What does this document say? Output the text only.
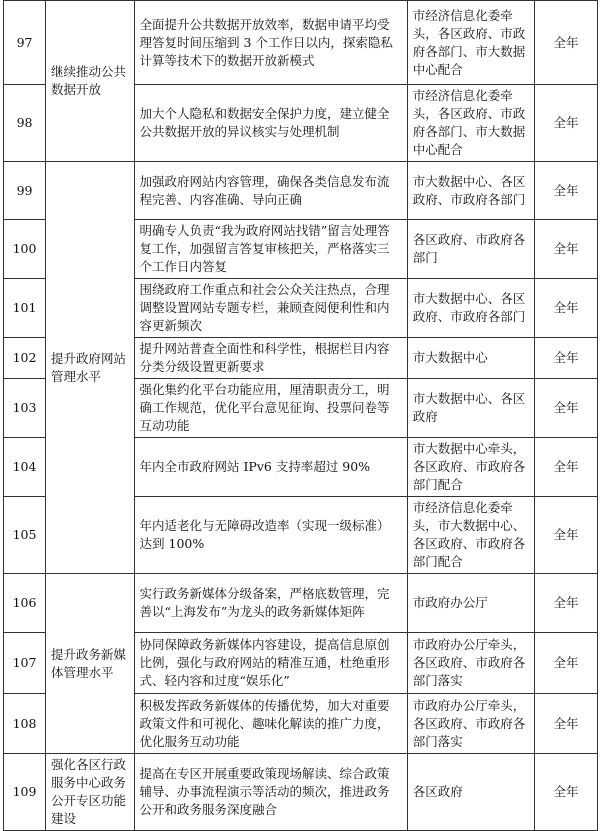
97	继续推动公共数据开放	全面提升公共数据开放效率，数据申请平均受理答复时间压缩到 3 个工作日以内，探索隐私计算等技术下的数据开放新模式	市经济信息化委牵头，各区政府、市政府各部门、市大数据中心配合	全年
98		加大个人隐私和数据安全保护力度，建立健全公共数据开放的异议核实与处理机制	市经济信息化委牵头，各区政府、市政府各部门、市大数据中心配合	全年
99	提升政府网站管理水平	加强政府网站内容管理，确保各类信息发布流程完善、内容准确、导向正确	市大数据中心、各区政府、市政府各部门	全年
100		明确专人负责“我为政府网站找错”留言处理答复工作，加强留言答复审核把关，严格落实三个工作日内答复	各区政府、市政府各部门	全年
101		围绕政府工作重点和社会公众关注热点，合理调整设置网站专题专栏，兼顾查阅便利性和内容更新频次	市大数据中心、各区政府、市政府各部门	全年
102		提升网站普查全面性和科学性，根据栏目内容分类分级设置更新要求	市大数据中心	全年
103		强化集约化平台功能应用，厘清职责分工，明确工作规范，优化平台意见征询、投票问卷等互动功能	市大数据中心、各区政府	全年
104		年内全市政府网站 IPv6 支持率超过 90%	市大数据中心牵头，各区政府、市政府各部门配合	全年
105		年内适老化与无障碍改造率（实现一级标准）达到 100%	市经济信息化委牵头，市大数据中心、各区政府、市政府各部门配合	全年
106	提升政务新媒体管理水平	实行政务新媒体分级备案，严格底数管理，完善以“上海发布”为龙头的政务新媒体矩阵	市政府办公厅	全年
107		协同保障政务新媒体内容建设，提高信息原创比例，强化与政府网站的精准互通，杜绝重形式、轻内容和过度“娱乐化”	市政府办公厅牵头，各区政府、市政府各部门落实	全年
108		积极发挥政务新媒体的传播优势，加大对重要政策文件和可视化、趣味化解读的推广力度，优化服务互动功能	市政府办公厅牵头，各区政府、市政府各部门落实	全年
109	强化各区行政服务中心政务公开专区功能建设	提高在专区开展重要政策现场解读、综合政策辅导、办事流程演示等活动的频次，推进政务公开和政务服务深度融合	各区政府	全年
